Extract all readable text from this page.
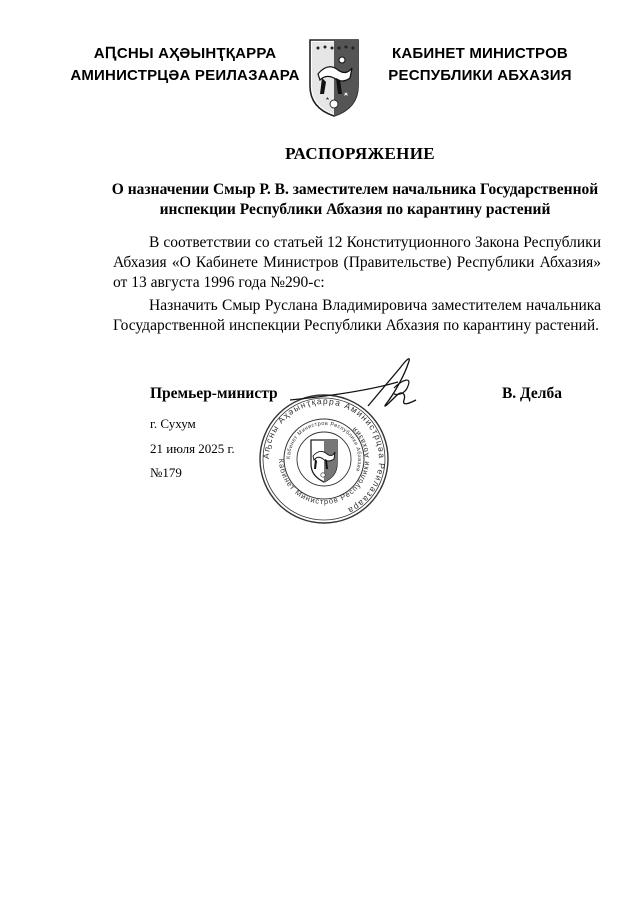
АԤСНЫ АҲӘЫНҬҚАРРА
АМИНИСТРЦӘА РЕИЛАЗААРА
КАБИНЕТ МИНИСТРОВ
РЕСПУБЛИКИ АБХАЗИЯ
РАСПОРЯЖЕНИЕ
О назначении Смыр Р. В. заместителем начальника Государственной
инспекции Республики Абхазия по карантину растений
В соответствии со статьей 12 Конституционного Закона Республики Абхазия «О Кабинете Министров (Правительстве) Республики Абхазия» от 13 августа 1996 года №290-с:
Назначить Смыр Руслана Владимировича заместителем начальника Государственной инспекции Республики Абхазия по карантину растений.
Премьер-министр	В. Делба
Аҧсны Аҳәынҭқарра Аминистрцәа Реилазаара
Кабинет Министров Республики Абхазия
Кабинет Министров Республики Абхазия
г. Сухум
21 июля 2025 г.
№179
